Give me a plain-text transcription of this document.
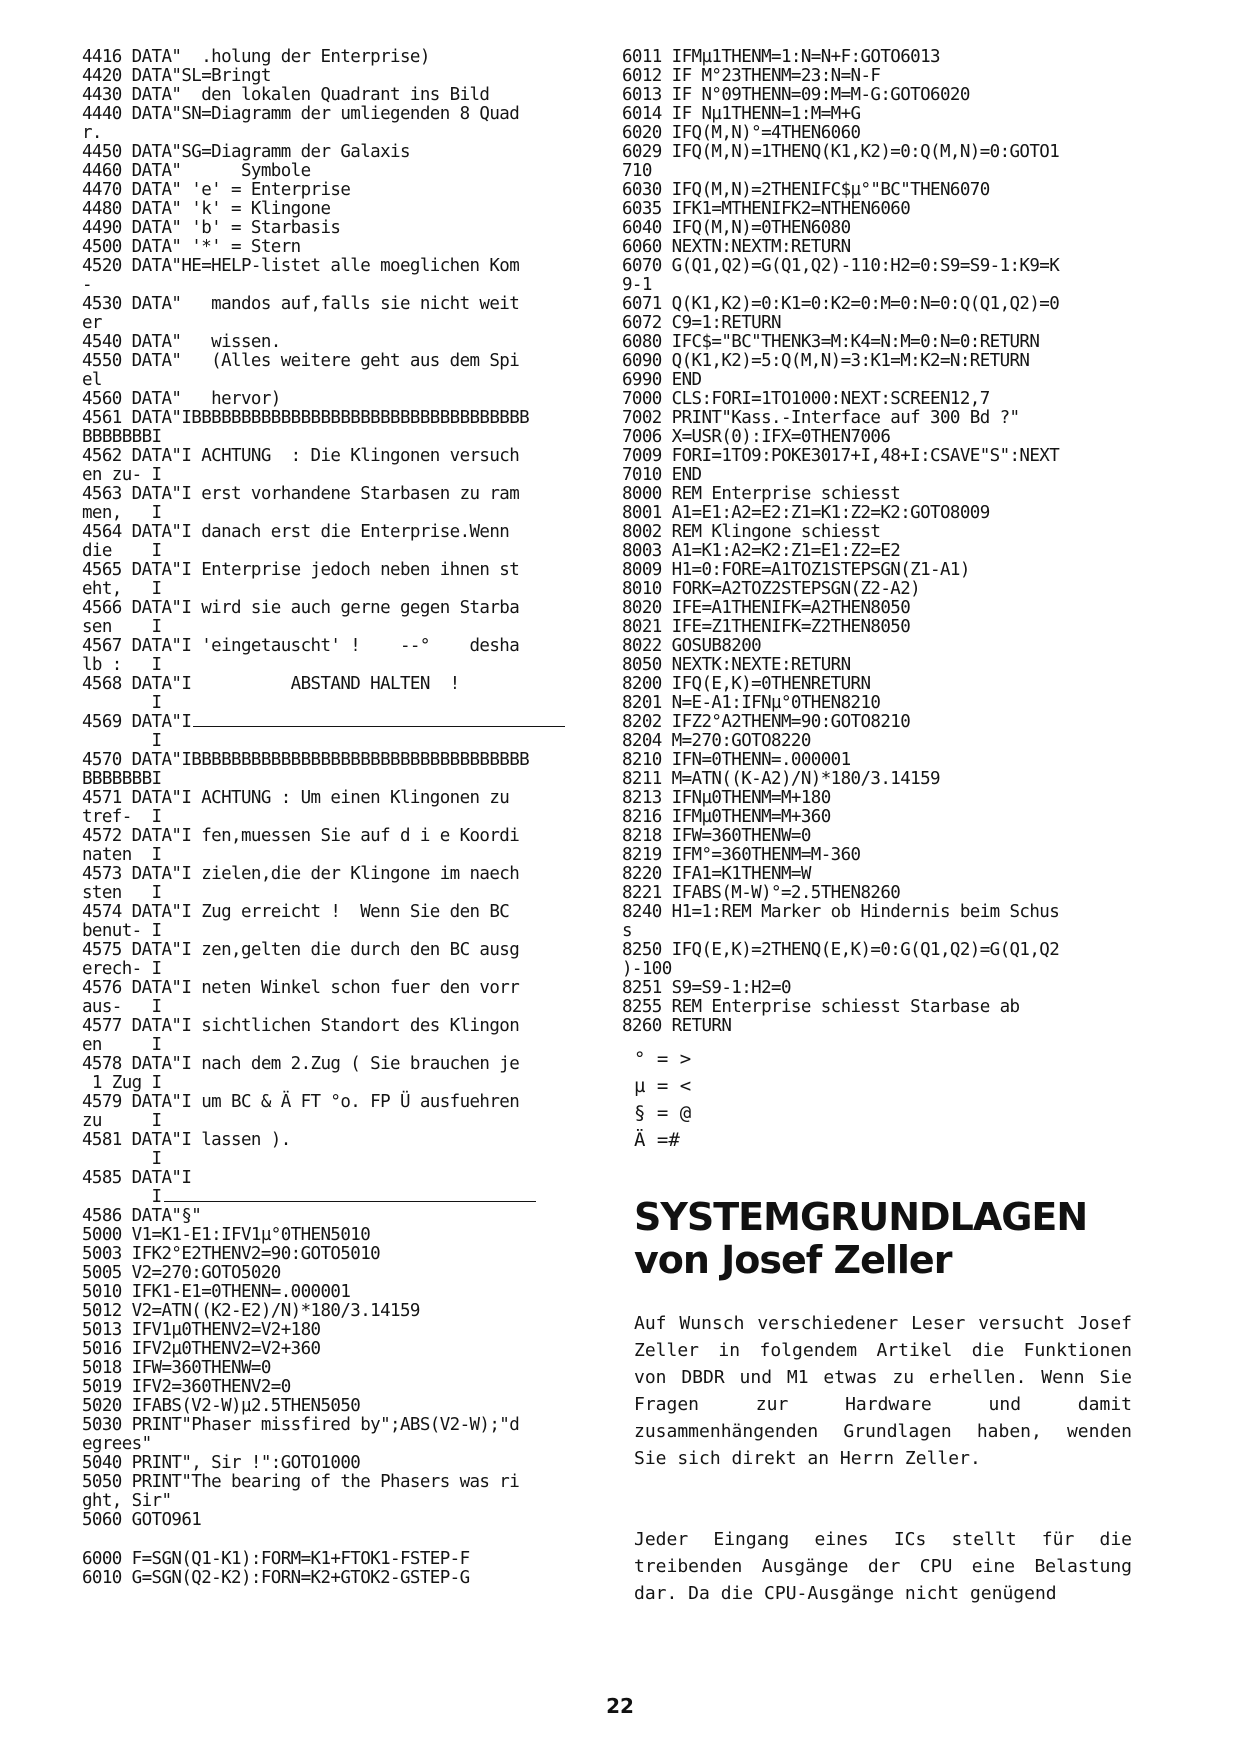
4416 DATA"  .holung der Enterprise)
4420 DATA"SL=Bringt
4430 DATA"  den lokalen Quadrant ins Bild
4440 DATA"SN=Diagramm der umliegenden 8 Quad
r.
4450 DATA"SG=Diagramm der Galaxis
4460 DATA"      Symbole
4470 DATA" 'e' = Enterprise
4480 DATA" 'k' = Klingone
4490 DATA" 'b' = Starbasis
4500 DATA" '*' = Stern
4520 DATA"HE=HELP-listet alle moeglichen Kom
-
4530 DATA"   mandos auf,falls sie nicht weit
er
4540 DATA"   wissen.
4550 DATA"   (Alles weitere geht aus dem Spi
el
4560 DATA"   hervor)
4561 DATA"IBBBBBBBBBBBBBBBBBBBBBBBBBBBBBBBBBB
BBBBBBBI
4562 DATA"I ACHTUNG  : Die Klingonen versuch
en zu- I
4563 DATA"I erst vorhandene Starbasen zu ram
men,   I
4564 DATA"I danach erst die Enterprise.Wenn
die    I
4565 DATA"I Enterprise jedoch neben ihnen st
eht,   I
4566 DATA"I wird sie auch gerne gegen Starba
sen    I
4567 DATA"I 'eingetauscht' !    --°    desha
lb :   I
4568 DATA"I          ABSTAND HALTEN  !
I
4569 DATA"I
I
4570 DATA"IBBBBBBBBBBBBBBBBBBBBBBBBBBBBBBBBBB
BBBBBBBI
4571 DATA"I ACHTUNG : Um einen Klingonen zu
tref-  I
4572 DATA"I fen,muessen Sie auf d i e Koordi
naten  I
4573 DATA"I zielen,die der Klingone im naech
sten   I
4574 DATA"I Zug erreicht !  Wenn Sie den BC
benut- I
4575 DATA"I zen,gelten die durch den BC ausg
erech- I
4576 DATA"I neten Winkel schon fuer den vorr
aus-   I
4577 DATA"I sichtlichen Standort des Klingon
en     I
4578 DATA"I nach dem 2.Zug ( Sie brauchen je
1 Zug I
4579 DATA"I um BC & Ä FT °o. FP Ü ausfuehren
zu     I
4581 DATA"I lassen ).
I
4585 DATA"I
I
4586 DATA"§"
5000 V1=K1-E1:IFV1µ°0THEN5010
5003 IFK2°E2THENV2=90:GOTO5010
5005 V2=270:GOTO5020
5010 IFK1-E1=0THENN=.000001
5012 V2=ATN((K2-E2)/N)*180/3.14159
5013 IFV1µ0THENV2=V2+180
5016 IFV2µ0THENV2=V2+360
5018 IFW=360THENW=0
5019 IFV2=360THENV2=0
5020 IFABS(V2-W)µ2.5THEN5050
5030 PRINT"Phaser missfired by";ABS(V2-W);"d
egrees"
5040 PRINT", Sir !":GOTO1000
5050 PRINT"The bearing of the Phasers was ri
ght, Sir"
5060 GOTO961
6000 F=SGN(Q1-K1):FORM=K1+FTOK1-FSTEP-F
6010 G=SGN(Q2-K2):FORN=K2+GTOK2-GSTEP-G
6011 IFMµ1THENM=1:N=N+F:GOTO6013
6012 IF M°23THENM=23:N=N-F
6013 IF N°09THENN=09:M=M-G:GOTO6020
6014 IF Nµ1THENN=1:M=M+G
6020 IFQ(M,N)°=4THEN6060
6029 IFQ(M,N)=1THENQ(K1,K2)=0:Q(M,N)=0:GOTO1
710
6030 IFQ(M,N)=2THENIFC$µ°"BC"THEN6070
6035 IFK1=MTHENIFK2=NTHEN6060
6040 IFQ(M,N)=0THEN6080
6060 NEXTN:NEXTM:RETURN
6070 G(Q1,Q2)=G(Q1,Q2)-110:H2=0:S9=S9-1:K9=K
9-1
6071 Q(K1,K2)=0:K1=0:K2=0:M=0:N=0:Q(Q1,Q2)=0
6072 C9=1:RETURN
6080 IFC$="BC"THENK3=M:K4=N:M=0:N=0:RETURN
6090 Q(K1,K2)=5:Q(M,N)=3:K1=M:K2=N:RETURN
6990 END
7000 CLS:FORI=1TO1000:NEXT:SCREEN12,7
7002 PRINT"Kass.-Interface auf 300 Bd ?"
7006 X=USR(0):IFX=0THEN7006
7009 FORI=1TO9:POKE3017+I,48+I:CSAVE"S":NEXT
7010 END
8000 REM Enterprise schiesst
8001 A1=E1:A2=E2:Z1=K1:Z2=K2:GOTO8009
8002 REM Klingone schiesst
8003 A1=K1:A2=K2:Z1=E1:Z2=E2
8009 H1=0:FORE=A1TOZ1STEPSGN(Z1-A1)
8010 FORK=A2TOZ2STEPSGN(Z2-A2)
8020 IFE=A1THENIFK=A2THEN8050
8021 IFE=Z1THENIFK=Z2THEN8050
8022 GOSUB8200
8050 NEXTK:NEXTE:RETURN
8200 IFQ(E,K)=0THENRETURN
8201 N=E-A1:IFNµ°0THEN8210
8202 IFZ2°A2THENM=90:GOTO8210
8204 M=270:GOTO8220
8210 IFN=0THENN=.000001
8211 M=ATN((K-A2)/N)*180/3.14159
8213 IFNµ0THENM=M+180
8216 IFMµ0THENM=M+360
8218 IFW=360THENW=0
8219 IFM°=360THENM=M-360
8220 IFA1=K1THENM=W
8221 IFABS(M-W)°=2.5THEN8260
8240 H1=1:REM Marker ob Hindernis beim Schus
s
8250 IFQ(E,K)=2THENQ(E,K)=0:G(Q1,Q2)=G(Q1,Q2
)-100
8251 S9=S9-1:H2=0
8255 REM Enterprise schiesst Starbase ab
8260 RETURN
° = >
µ = <
§ = @
Ä =#
SYSTEMGRUNDLAGEN
von Josef Zeller

Auf Wunsch verschiedener Leser versucht Josef Zeller in folgendem Artikel die Funktionen von DBDR und M1 etwas zu erhellen. Wenn Sie Fragen zur Hardware und damit zusammenhängenden Grundlagen haben, wenden Sie sich direkt an Herrn Zeller.

Jeder Eingang eines ICs stellt für die treibenden Ausgänge der CPU eine Belastung dar. Da die CPU-Ausgänge nicht genügend

22
